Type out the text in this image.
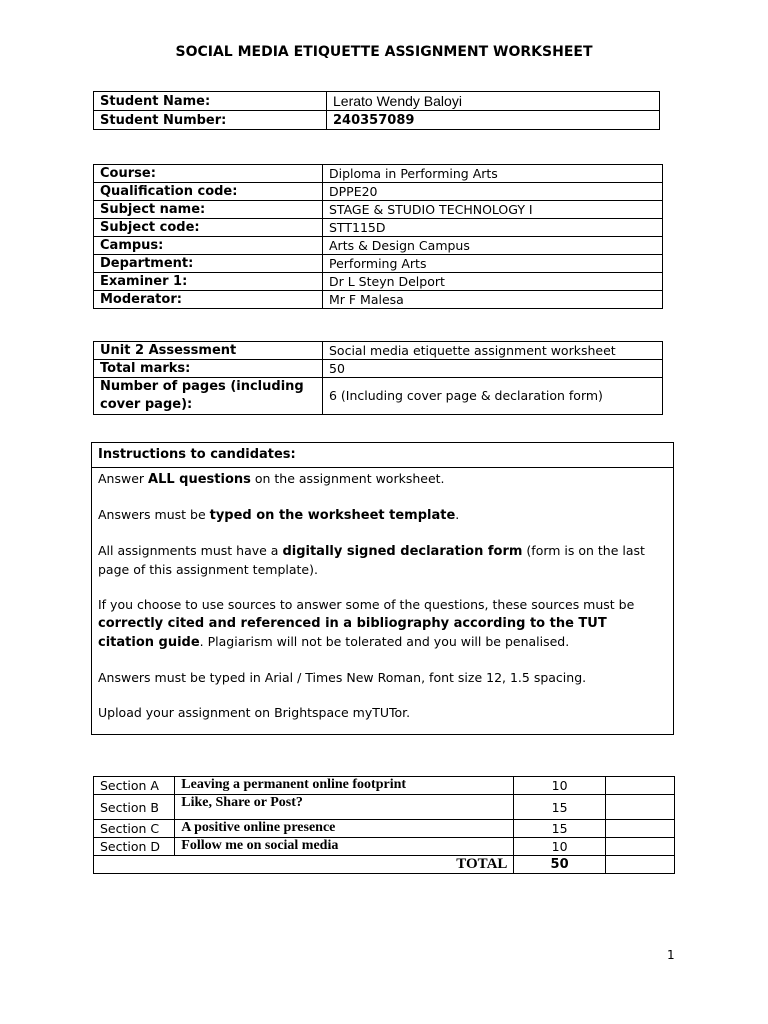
SOCIAL MEDIA ETIQUETTE ASSIGNMENT WORKSHEET
Student Name:	Lerato Wendy Baloyi
Student Number:	240357089
Course:	Diploma in Performing Arts
Qualification code:	DPPE20
Subject name:	STAGE & STUDIO TECHNOLOGY I
Subject code:	STT115D
Campus:	Arts & Design Campus
Department:	Performing Arts
Examiner 1:	Dr L Steyn Delport
Moderator:	Mr F Malesa
Unit 2 Assessment	Social media etiquette assignment worksheet
Total marks:	50
Number of pages (including cover page):	6 (Including cover page & declaration form)
Instructions to candidates:

Answer ALL questions on the assignment worksheet.

Answers must be typed on the worksheet template.

All assignments must have a digitally signed declaration form (form is on the last page of this assignment template).

If you choose to use sources to answer some of the questions, these sources must be correctly cited and referenced in a bibliography according to the TUT citation guide. Plagiarism will not be tolerated and you will be penalised.

Answers must be typed in Arial / Times New Roman, font size 12, 1.5 spacing.

Upload your assignment on Brightspace myTUTor.

Section A	Leaving a permanent online footprint	10	
Section B	Like, Share or Post?	15	
Section C	A positive online presence	15	
Section D	Follow me on social media	10	
TOTAL		50	
1
